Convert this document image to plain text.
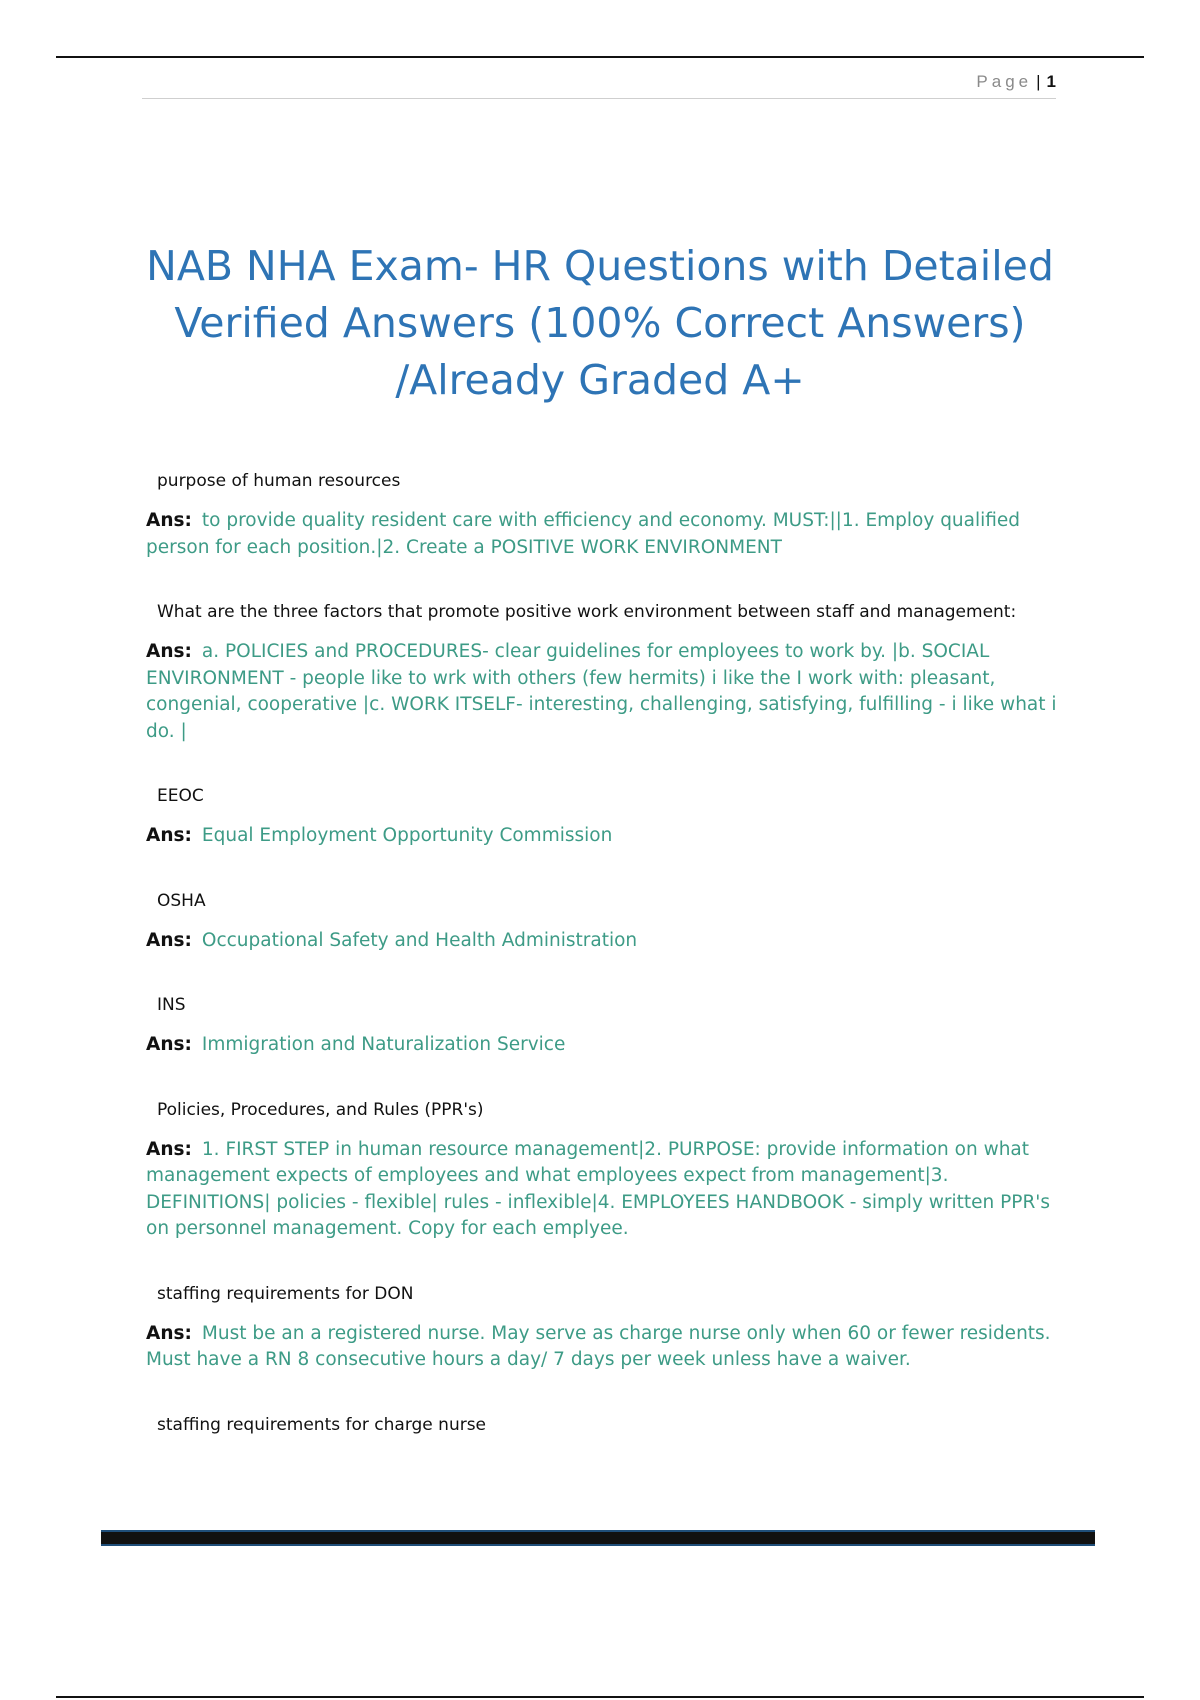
Page | 1
NAB NHA Exam- HR Questions with Detailed Verified Answers (100% Correct Answers) /Already Graded A+

purpose of human resources

Ans: to provide quality resident care with efficiency and economy. MUST:||1. Employ qualified person for each position.|2. Create a POSITIVE WORK ENVIRONMENT

What are the three factors that promote positive work environment between staff and management:

Ans: a. POLICIES and PROCEDURES- clear guidelines for employees to work by. |b. SOCIAL ENVIRONMENT - people like to wrk with others (few hermits) i like the I work with: pleasant, congenial, cooperative |c. WORK ITSELF- interesting, challenging, satisfying, fulfilling - i like what i do. |

EEOC

Ans: Equal Employment Opportunity Commission

OSHA

Ans: Occupational Safety and Health Administration

INS

Ans: Immigration and Naturalization Service

Policies, Procedures, and Rules (PPR's)

Ans: 1. FIRST STEP in human resource management|2. PURPOSE: provide information on what management expects of employees and what employees expect from management|3. DEFINITIONS| policies - flexible| rules - inflexible|4. EMPLOYEES HANDBOOK - simply written PPR's on personnel management. Copy for each emplyee.

staffing requirements for DON

Ans: Must be an a registered nurse. May serve as charge nurse only when 60 or fewer residents. Must have a RN 8 consecutive hours a day/ 7 days per week unless have a waiver.

staffing requirements for charge nurse
